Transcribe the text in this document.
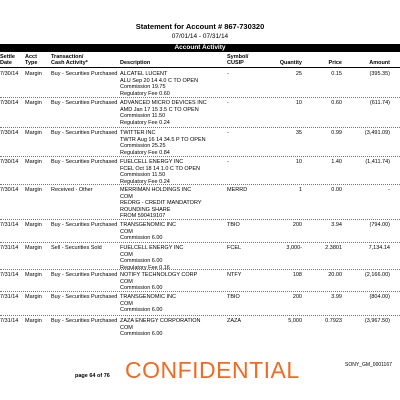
Statement for Account # 867-730320
07/01/14 - 07/31/14
Account Activity
Settle
Date
Acct
Type
Transaction/
Cash Activity*	Description
Symbol/
CUSIP	Quantity	Price	Amount
7/30/14 Margin Buy - Securities Purchased	-	25	0.15	(395.35)
ALCATEL LUCENT
ALU Sep 20 14 4.0 C TO OPEN
Commission 19.75
Regulatory Fee 0.60
7/30/14 Margin Buy - Securities Purchased	-	10	0.60	(611.74)
ADVANCED MICRO DEVICES INC
AMD Jan 17 15 3.5 C TO OPEN
Commission 11.50
Regulatory Fee 0.24
7/30/14 Margin Buy - Securities Purchased	-	35	0.99	(3,491.09)
TWITTER INC
TWTR Aug 16 14 34.5 P TO OPEN
Commission 25.25
Regulatory Fee 0.84
7/30/14 Margin Buy - Securities Purchased	-	10	1.40	(1,411.74)
FUELCELL ENERGY INC
FCEL Oct 18 14 1.0 C TO OPEN
Commission 11.50
Regulatory Fee 0.24
7/30/14 Margin Received - Other	MERRD	1	0.00	-
MERRIMAN HOLDINGS INC
COM
REORG - CREDIT MANDATORY
ROUNDING SHARE
FROM 590419107
7/31/14 Margin Buy - Securities Purchased	TBIO	200	3.94	(794.00)
TRANSGENOMIC INC
COM
Commission 6.00
7/31/14 Margin Sell - Securities Sold	FCEL	3,000-	2.3801	7,134.14
FUELCELL ENERGY INC
COM
Commission 6.00
Regulatory Fee 0.16
7/31/14 Margin Buy - Securities Purchased	NTFY	108	20.00	(2,166.00)
NOTIFY TECHNOLOGY CORP
COM
Commission 6.00
7/31/14 Margin Buy - Securities Purchased	TBIO	200	3.99	(804.00)
TRANSGENOMIC INC
COM
Commission 6.00
7/31/14 Margin Buy - Securities Purchased	ZAZA	5,000	0.7923	(3,967.50)
ZAZA ENERGY CORPORATION
COM
Commission 6.00
page 64 of 76 CONFIDENTIAL	SONY_GM_0001167
